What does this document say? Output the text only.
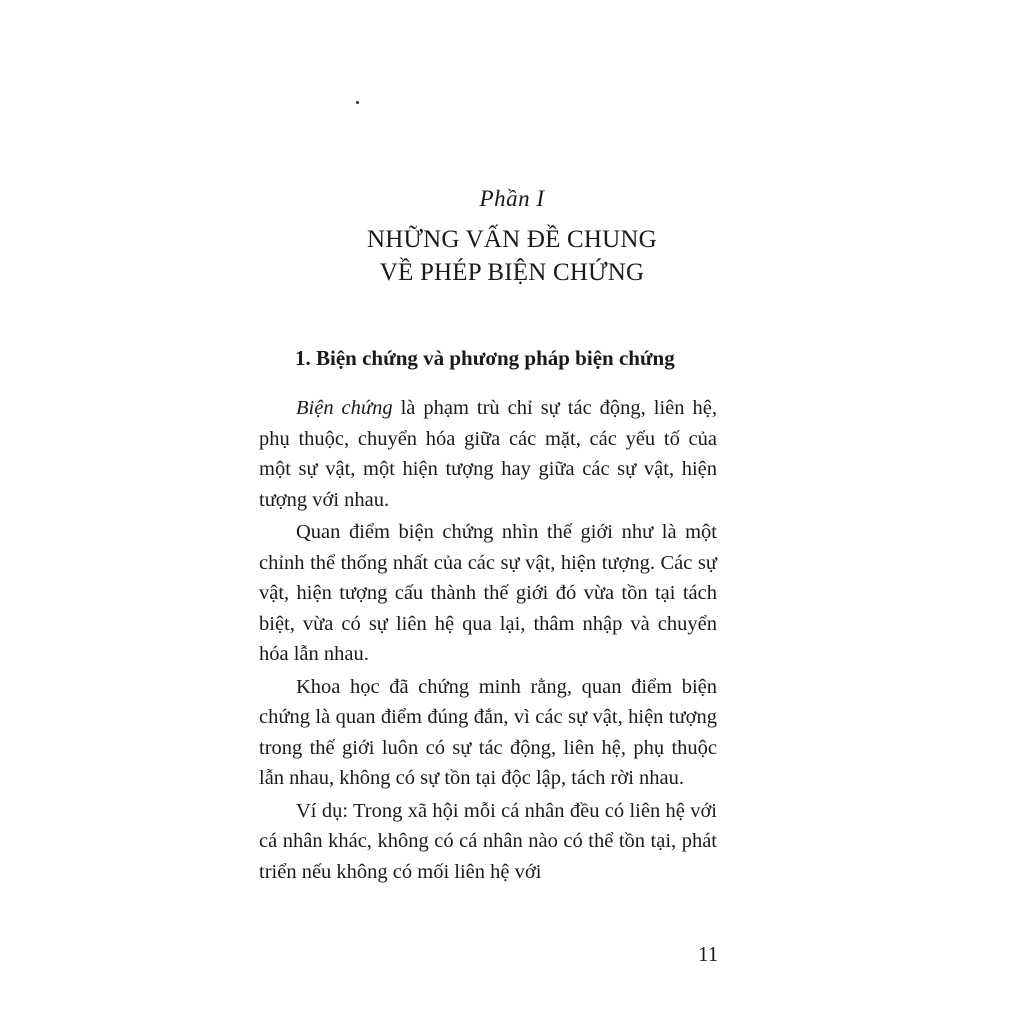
Phần I
NHỮNG VẤN ĐỀ CHUNG
VỀ PHÉP BIỆN CHỨNG
1. Biện chứng và phương pháp biện chứng

Biện chứng là phạm trù chỉ sự tác động, liên hệ, phụ thuộc, chuyển hóa giữa các mặt, các yếu tố của một sự vật, một hiện tượng hay giữa các sự vật, hiện tượng với nhau.

Quan điểm biện chứng nhìn thế giới như là một chỉnh thể thống nhất của các sự vật, hiện tượng. Các sự vật, hiện tượng cấu thành thế giới đó vừa tồn tại tách biệt, vừa có sự liên hệ qua lại, thâm nhập và chuyển hóa lẫn nhau.

Khoa học đã chứng minh rằng, quan điểm biện chứng là quan điểm đúng đắn, vì các sự vật, hiện tượng trong thế giới luôn có sự tác động, liên hệ, phụ thuộc lẫn nhau, không có sự tồn tại độc lập, tách rời nhau.

Ví dụ: Trong xã hội mỗi cá nhân đều có liên hệ với cá nhân khác, không có cá nhân nào có thể tồn tại, phát triển nếu không có mối liên hệ với

11
